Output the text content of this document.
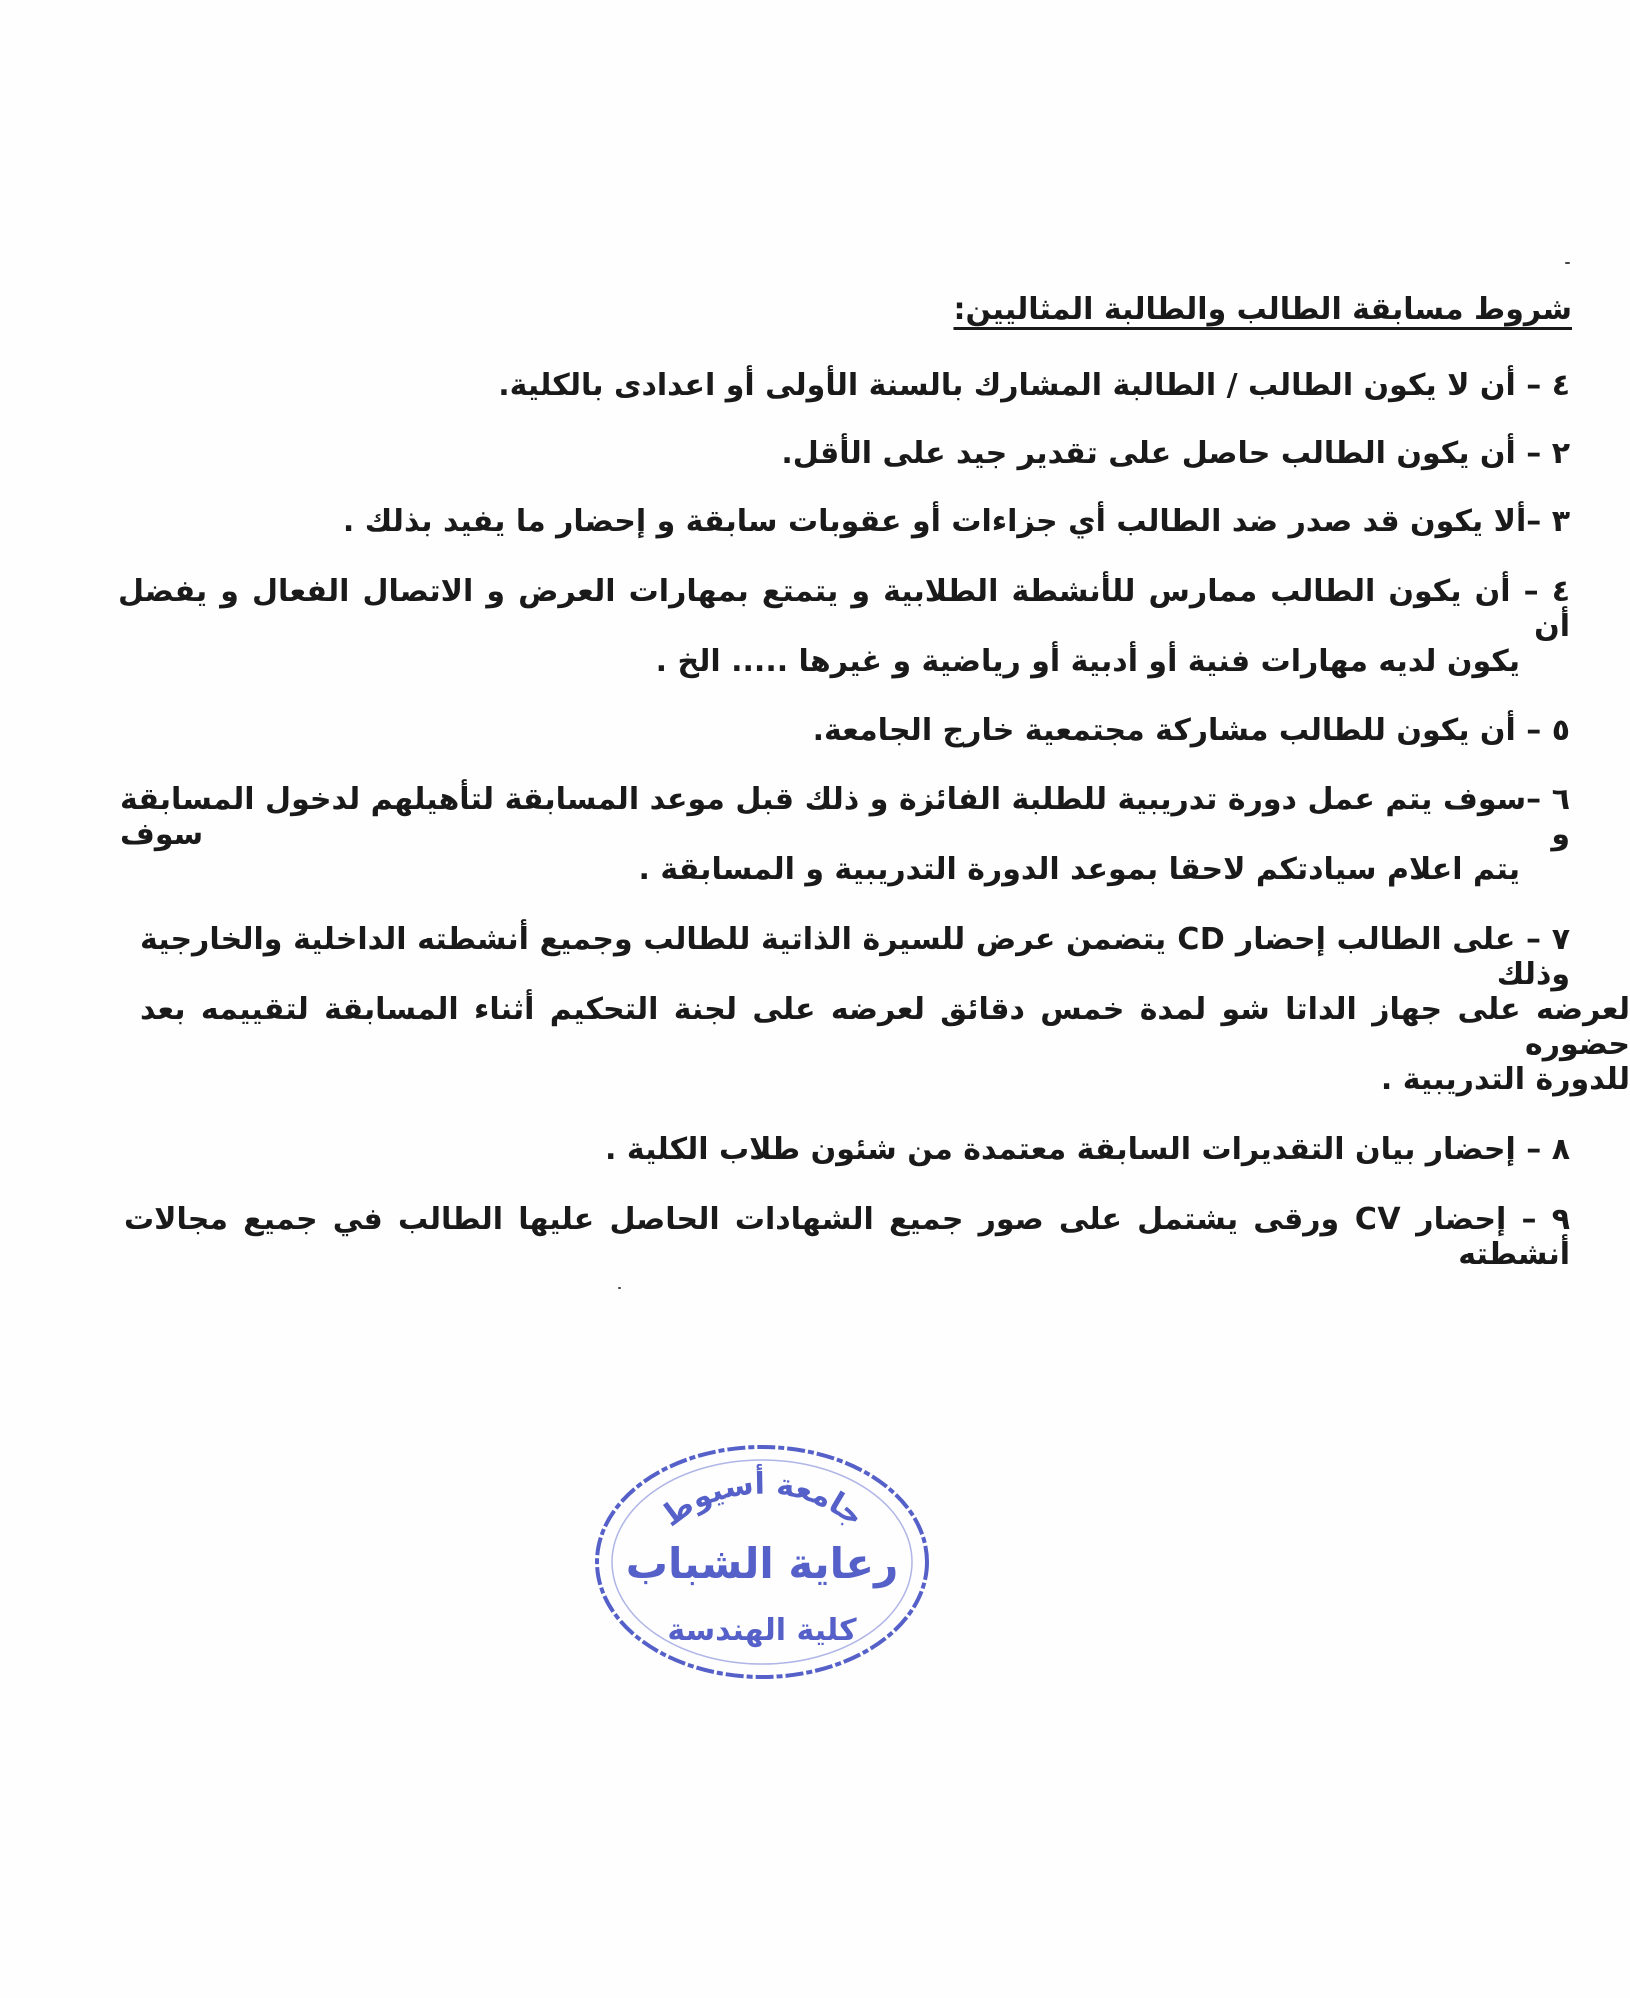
شروط مسابقة الطالب والطالبة المثاليين:
٤ – أن لا يكون الطالب / الطالبة المشارك بالسنة الأولى أو اعدادى بالكلية.
٢ – أن يكون الطالب حاصل على تقدير جيد على الأقل.
٣ –ألا يكون قد صدر ضد الطالب أي جزاءات أو عقوبات سابقة و إحضار ما يفيد بذلك .
٤ – أن يكون الطالب ممارس للأنشطة الطلابية و يتمتع بمهارات العرض و الاتصال الفعال و يفضل أن
يكون لديه مهارات فنية أو أدبية أو رياضية و غيرها ..... الخ .
٥ – أن يكون للطالب مشاركة مجتمعية خارج الجامعة.
٦ –سوف يتم عمل دورة تدريبية للطلبة الفائزة و ذلك قبل موعد المسابقة لتأهيلهم لدخول المسابقة و سوف
يتم اعلام سيادتكم لاحقا بموعد الدورة التدريبية و المسابقة .
٧ – على الطالب إحضار CD يتضمن عرض للسيرة الذاتية للطالب وجميع أنشطته الداخلية والخارجية وذلك
لعرضه على جهاز الداتا شو لمدة خمس دقائق لعرضه على لجنة التحكيم أثناء المسابقة لتقييمه بعد حضوره
للدورة التدريبية .
٨ – إحضار بيان التقديرات السابقة معتمدة من شئون طلاب الكلية .
٩ – إحضار CV ورقى يشتمل على صور جميع الشهادات الحاصل عليها الطالب في جميع مجالات أنشطته
جامعة أسيوط
رعاية الشباب
كلية الهندسة
